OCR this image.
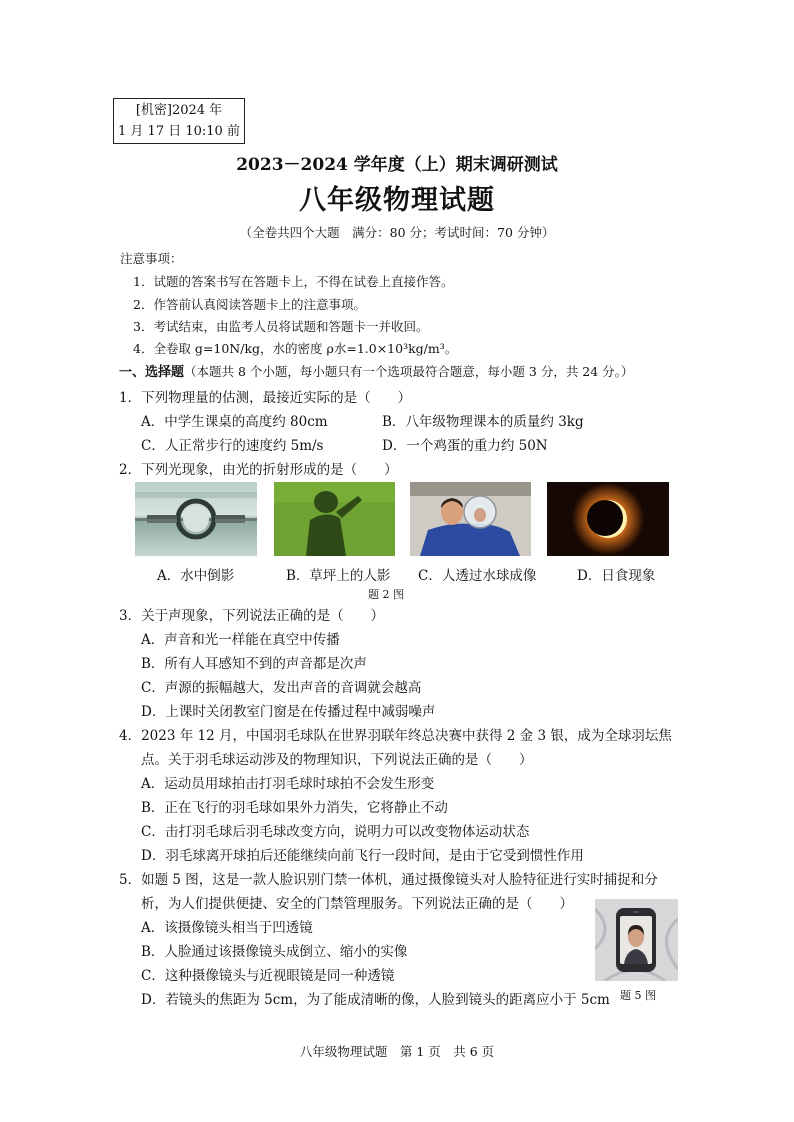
[机密]2024 年
1 月 17 日 10:10 前
2023－2024 学年度（上）期末调研测试
八年级物理试题
（全卷共四个大题　满分：80 分；考试时间：70 分钟）
注意事项：
1．试题的答案书写在答题卡上，不得在试卷上直接作答。
2．作答前认真阅读答题卡上的注意事项。
3．考试结束，由监考人员将试题和答题卡一并收回。
4．全卷取 g=10N/kg，水的密度 ρ水=1.0×10³kg/m³。
一、选择题（本题共 8 个小题，每小题只有一个选项最符合题意，每小题 3 分，共 24 分。）
1．下列物理量的估测，最接近实际的是（　　）
A．中学生课桌的高度约 80cm	B．八年级物理课本的质量约 3kg
C．人正常步行的速度约 5m/s	D．一个鸡蛋的重力约 50N
2．下列光现象，由光的折射形成的是（　　）
A．水中倒影	B．草坪上的人影 C．人透过水球成像	D．日食现象
题 2 图
3．关于声现象，下列说法正确的是（　　）
A．声音和光一样能在真空中传播
B．所有人耳感知不到的声音都是次声
C．声源的振幅越大，发出声音的音调就会越高
D．上课时关闭教室门窗是在传播过程中减弱噪声
4．2023 年 12 月，中国羽毛球队在世界羽联年终总决赛中获得 2 金 3 银，成为全球羽坛焦
点。关于羽毛球运动涉及的物理知识，下列说法正确的是（　　）
A．运动员用球拍击打羽毛球时球拍不会发生形变
B．正在飞行的羽毛球如果外力消失，它将静止不动
C．击打羽毛球后羽毛球改变方向，说明力可以改变物体运动状态
D．羽毛球离开球拍后还能继续向前飞行一段时间，是由于它受到惯性作用
5．如题 5 图，这是一款人脸识别门禁一体机，通过摄像镜头对人脸特征进行实时捕捉和分
析，为人们提供便捷、安全的门禁管理服务。下列说法正确的是（　　）
A．该摄像镜头相当于凹透镜
B．人脸通过该摄像镜头成倒立、缩小的实像
C．这种摄像镜头与近视眼镜是同一种透镜
D．若镜头的焦距为 5cm，为了能成清晰的像，人脸到镜头的距离应小于 5cm 题 5 图
八年级物理试题　第 1 页　共 6 页
